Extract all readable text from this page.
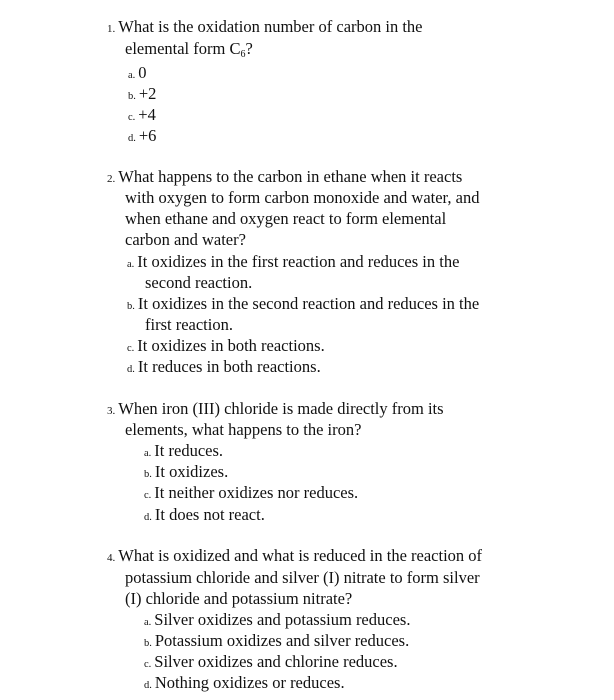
1. What is the oxidation number of carbon in the
elemental form $C_6$?
a. 0
b. +2
c. +4
d. +6
2. What happens to the carbon in ethane when it reacts
with oxygen to form carbon monoxide and water, and
when ethane and oxygen react to form elemental
carbon and water?
a. It oxidizes in the first reaction and reduces in the
second reaction.
b. It oxidizes in the second reaction and reduces in the
first reaction.
c. It oxidizes in both reactions.
d. It reduces in both reactions.
3. When iron (III) chloride is made directly from its
elements, what happens to the iron?
a. It reduces.
b. It oxidizes.
c. It neither oxidizes nor reduces.
d. It does not react.
4. What is oxidized and what is reduced in the reaction of
potassium chloride and silver (I) nitrate to form silver
(I) chloride and potassium nitrate?
a. Silver oxidizes and potassium reduces.
b. Potassium oxidizes and silver reduces.
c. Silver oxidizes and chlorine reduces.
d. Nothing oxidizes or reduces.
